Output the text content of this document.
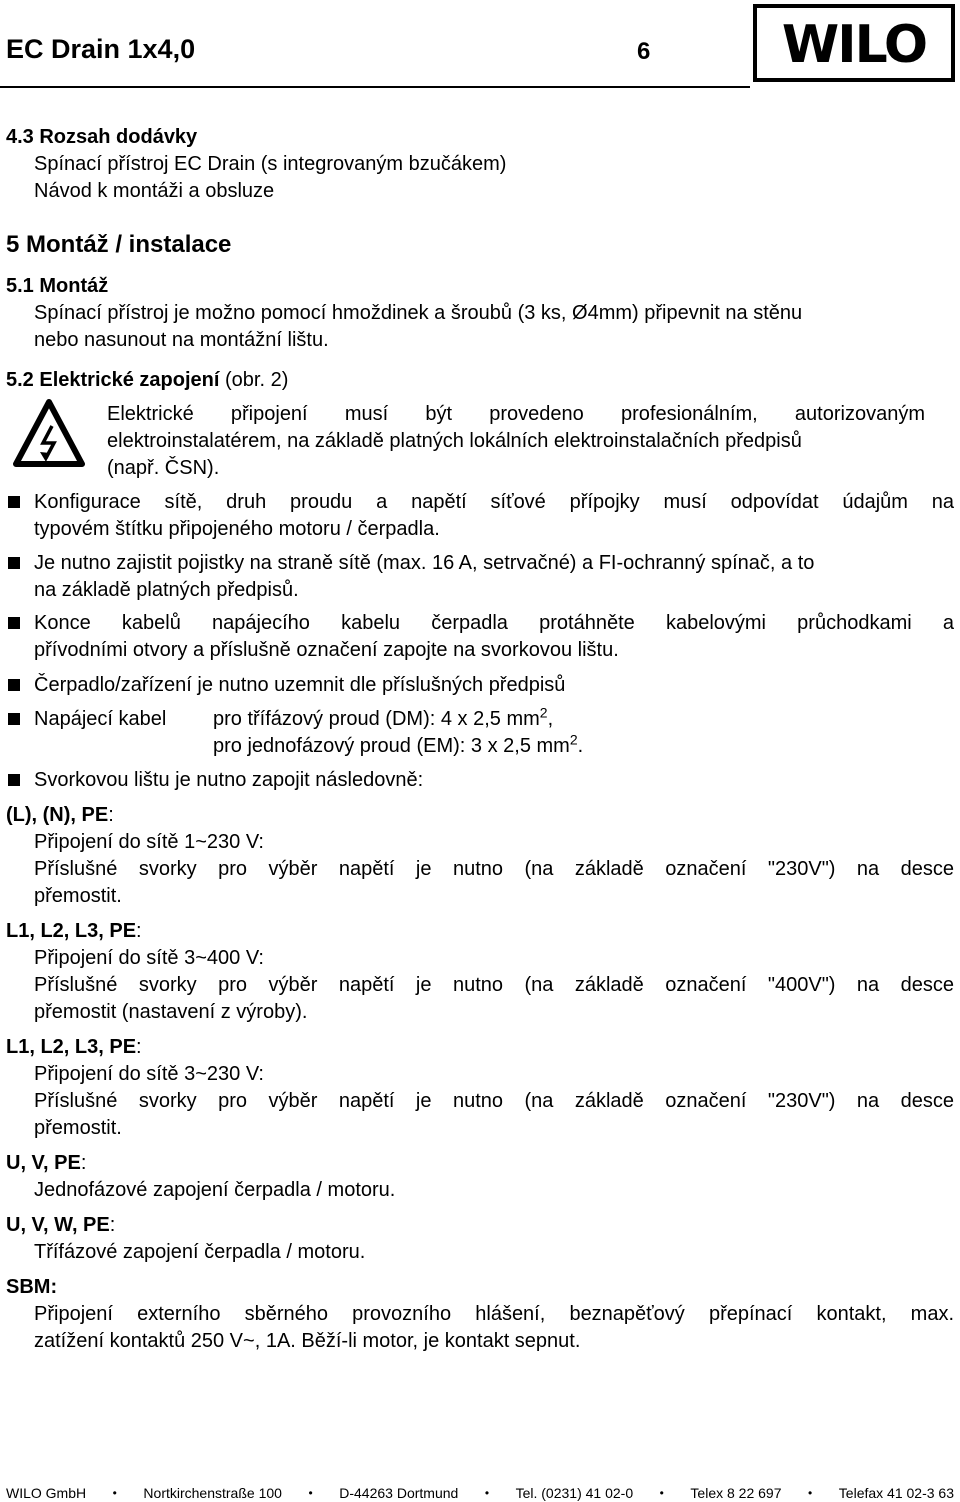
EC Drain 1x4,0	6	WILO
4.3 Rozsah dodávky
Spínací přístroj EC Drain (s integrovaným bzučákem)
Návod k montáži a obsluze
5 Montáž / instalace
5.1 Montáž
Spínací přístroj je možno pomocí hmoždinek a šroubů (3 ks, Ø4mm) připevnit na stěnu
nebo nasunout na montážní lištu.
5.2 Elektrické zapojení (obr. 2)
Elektrické připojení musí být provedeno profesionálním, autorizovaným
elektroinstalatérem, na základě platných lokálních elektroinstalačních předpisů
(např. ČSN).
Konfigurace sítě, druh proudu a napětí síťové přípojky musí odpovídat údajům na
typovém štítku připojeného motoru / čerpadla.
Je nutno zajistit pojistky na straně sítě (max. 16 A, setrvačné) a FI-ochranný spínač, a to
na základě platných předpisů.
Konce kabelů napájecího kabelu čerpadla protáhněte kabelovými průchodkami a
přívodními otvory a příslušně označení zapojte na svorkovou lištu.
Čerpadlo/zařízení je nutno uzemnit dle příslušných předpisů
Napájecí kabel pro třífázový proud (DM): 4 x 2,5 $mm^2$,
pro jednofázový proud (EM): 3 x 2,5 $mm^2$.
Svorkovou lištu je nutno zapojit následovně:
(L), (N), PE:
Připojení do sítě 1~230 V:
Příslušné svorky pro výběr napětí je nutno (na základě označení "230V") na desce
přemostit.
L1, L2, L3, PE:
Připojení do sítě 3~400 V:
Příslušné svorky pro výběr napětí je nutno (na základě označení "400V") na desce
přemostit (nastavení z výroby).
L1, L2, L3, PE:
Připojení do sítě 3~230 V:
Příslušné svorky pro výběr napětí je nutno (na základě označení "230V") na desce
přemostit.
U, V, PE:
Jednofázové zapojení čerpadla / motoru.
U, V, W, PE:
Třífázové zapojení čerpadla / motoru.
SBM:
Připojení externího sběrného provozního hlášení, beznapěťový přepínací kontakt, max.
zatížení kontaktů 250 V~, 1A. Běží-li motor, je kontakt sepnut.
WILO GmbH • Nortkirchenstraße 100 • D-44263 Dortmund • Tel. (0231) 41 02-0 • Telex 8 22 697 • Telefax 41 02-3 63
